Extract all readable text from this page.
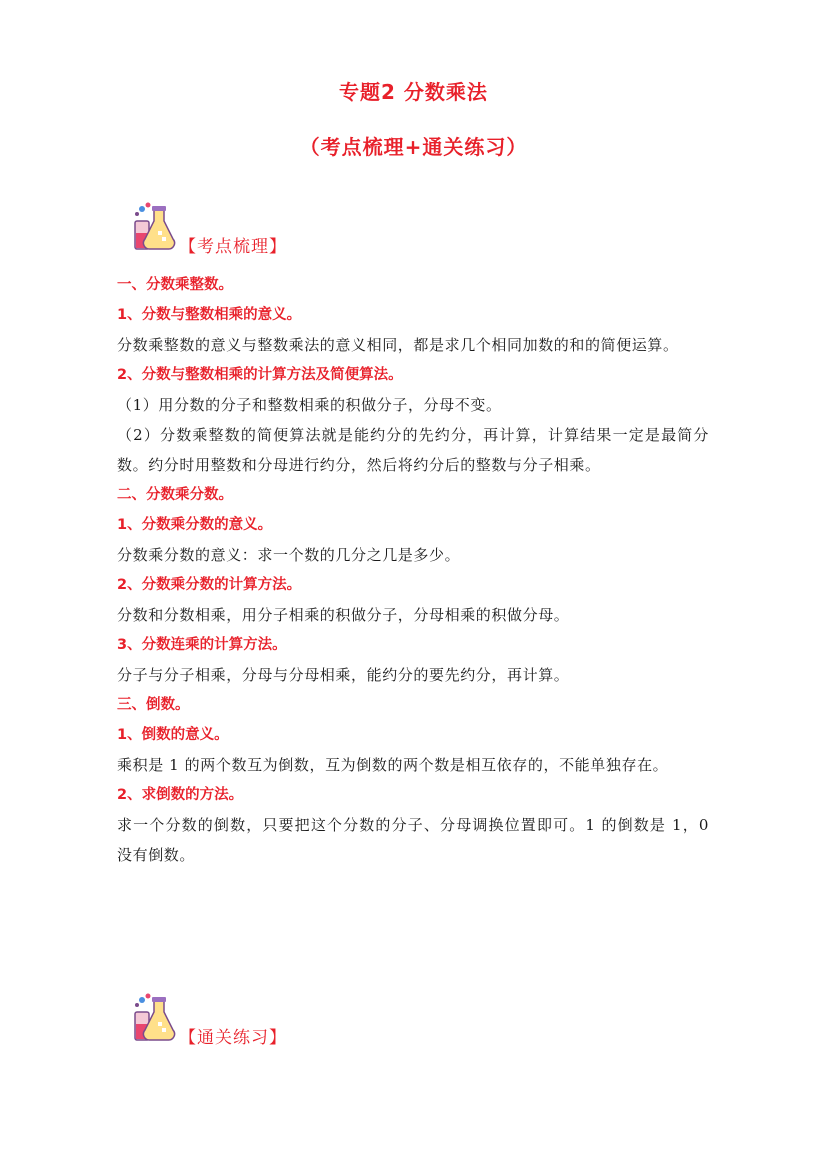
专题2 分数乘法
（考点梳理+通关练习）
【考点梳理】
一、分数乘整数。
1、分数与整数相乘的意义。
分数乘整数的意义与整数乘法的意义相同，都是求几个相同加数的和的简便运算。
2、分数与整数相乘的计算方法及简便算法。
（1）用分数的分子和整数相乘的积做分子，分母不变。
（2）分数乘整数的简便算法就是能约分的先约分，再计算，计算结果一定是最简分数。约分时用整数和分母进行约分，然后将约分后的整数与分子相乘。
二、分数乘分数。
1、分数乘分数的意义。
分数乘分数的意义：求一个数的几分之几是多少。
2、分数乘分数的计算方法。
分数和分数相乘，用分子相乘的积做分子，分母相乘的积做分母。
3、分数连乘的计算方法。
分子与分子相乘，分母与分母相乘，能约分的要先约分，再计算。
三、倒数。
1、倒数的意义。
乘积是 1 的两个数互为倒数，互为倒数的两个数是相互依存的，不能单独存在。
2、求倒数的方法。
求一个分数的倒数，只要把这个分数的分子、分母调换位置即可。1 的倒数是 1，0 没有倒数。
【通关练习】
